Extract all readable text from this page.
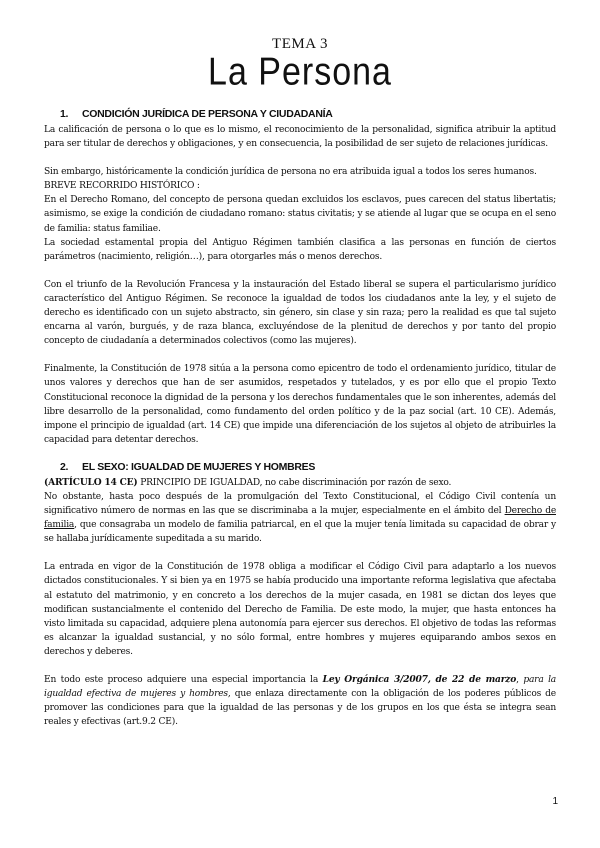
TEMA 3
La Persona
1. CONDICIÓN JURÍDICA DE PERSONA Y CIUDADANÍA

La calificación de persona o lo que es lo mismo, el reconocimiento de la personalidad, significa atribuir la aptitud para ser titular de derechos y obligaciones, y en consecuencia, la posibilidad de ser sujeto de relaciones jurídicas.

Sin embargo, históricamente la condición jurídica de persona no era atribuida igual a todos los seres humanos.

BREVE RECORRIDO HISTÓRICO :

En el Derecho Romano, del concepto de persona quedan excluidos los esclavos, pues carecen del status libertatis; asimismo, se exige la condición de ciudadano romano: status civitatis; y se atiende al lugar que se ocupa en el seno de familia: status familiae.

La sociedad estamental propia del Antiguo Régimen también clasifica a las personas en función de ciertos parámetros (nacimiento, religión…), para otorgarles más o menos derechos.

Con el triunfo de la Revolución Francesa y la instauración del Estado liberal se supera el particularismo jurídico característico del Antiguo Régimen. Se reconoce la igualdad de todos los ciudadanos ante la ley, y el sujeto de derecho es identificado con un sujeto abstracto, sin género, sin clase y sin raza; pero la realidad es que tal sujeto encarna al varón, burgués, y de raza blanca, excluyéndose de la plenitud de derechos y por tanto del propio concepto de ciudadanía a determinados colectivos (como las mujeres).

Finalmente, la Constitución de 1978 sitúa a la persona como epicentro de todo el ordenamiento jurídico, titular de unos valores y derechos que han de ser asumidos, respetados y tutelados, y es por ello que el propio Texto Constitucional reconoce la dignidad de la persona y los derechos fundamentales que le son inherentes, además del libre desarrollo de la personalidad, como fundamento del orden político y de la paz social (art. 10 CE). Además, impone el principio de igualdad (art. 14 CE) que impide una diferenciación de los sujetos al objeto de atribuirles la capacidad para detentar derechos.

2. EL SEXO: IGUALDAD DE MUJERES Y HOMBRES

(ARTÍCULO 14 CE) PRINCIPIO DE IGUALDAD, no cabe discriminación por razón de sexo.

No obstante, hasta poco después de la promulgación del Texto Constitucional, el Código Civil contenía un significativo número de normas en las que se discriminaba a la mujer, especialmente en el ámbito del Derecho de familia, que consagraba un modelo de familia patriarcal, en el que la mujer tenía limitada su capacidad de obrar y se hallaba jurídicamente supeditada a su marido.

La entrada en vigor de la Constitución de 1978 obliga a modificar el Código Civil para adaptarlo a los nuevos dictados constitucionales. Y si bien ya en 1975 se había producido una importante reforma legislativa que afectaba al estatuto del matrimonio, y en concreto a los derechos de la mujer casada, en 1981 se dictan dos leyes que modifican sustancialmente el contenido del Derecho de Familia. De este modo, la mujer, que hasta entonces ha visto limitada su capacidad, adquiere plena autonomía para ejercer sus derechos. El objetivo de todas las reformas es alcanzar la igualdad sustancial, y no sólo formal, entre hombres y mujeres equiparando ambos sexos en derechos y deberes.

En todo este proceso adquiere una especial importancia la Ley Orgánica 3/2007, de 22 de marzo, para la igualdad efectiva de mujeres y hombres, que enlaza directamente con la obligación de los poderes públicos de promover las condiciones para que la igualdad de las personas y de los grupos en los que ésta se integra sean reales y efectivas (art.9.2 CE).

1
